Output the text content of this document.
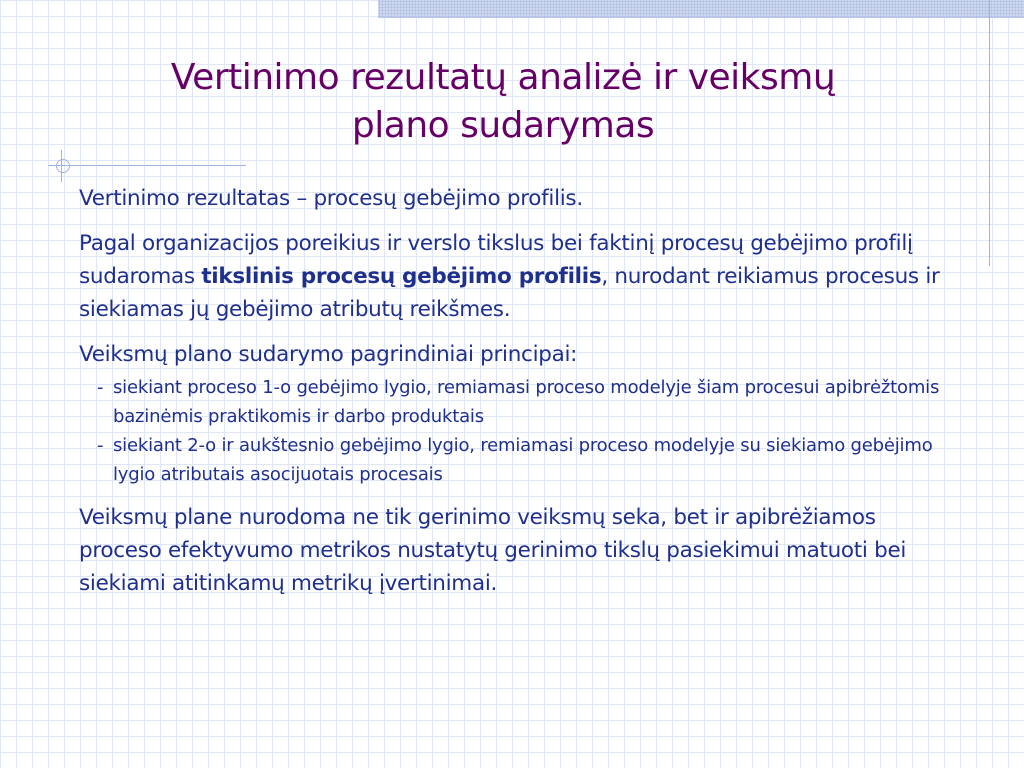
Vertinimo rezultatų analizė ir veiksmų
plano sudarymas

Vertinimo rezultatas – procesų gebėjimo profilis.

Pagal organizacijos poreikius ir verslo tikslus bei faktinį procesų gebėjimo profilį sudaromas tikslinis procesų gebėjimo profilis, nurodant reikiamus procesus ir siekiamas jų gebėjimo atributų reikšmes.

Veiksmų plano sudarymo pagrindiniai principai:

- siekiant proceso 1-o gebėjimo lygio, remiamasi proceso modelyje šiam procesui apibrėžtomis bazinėmis praktikomis ir darbo produktais
- siekiant 2-o ir aukštesnio gebėjimo lygio, remiamasi proceso modelyje su siekiamo gebėjimo lygio atributais asocijuotais procesais

Veiksmų plane nurodoma ne tik gerinimo veiksmų seka, bet ir apibrėžiamos proceso efektyvumo metrikos nustatytų gerinimo tikslų pasiekimui matuoti bei siekiami atitinkamų metrikų įvertinimai.
